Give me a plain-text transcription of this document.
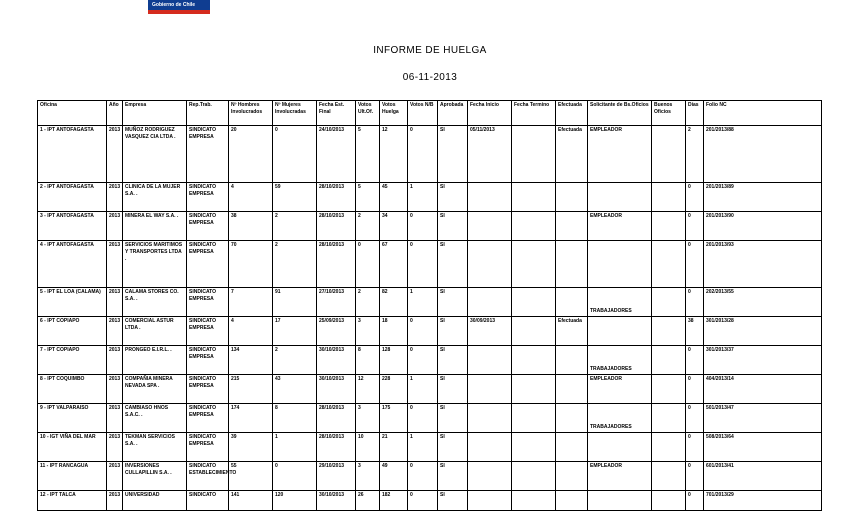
Gobierno de Chile
INFORME DE HUELGA
06-11-2013
Oficina	Año	Empresa	Rep.Trab.	Nº Hombres Involucrados	Nº Mujeres Involucradas	Fecha Est. Final	Votos Ult.Of.	Votos Huelga	Votos N/B	Aprobada	Fecha Inicio	Fecha Termino	Efectuada	Solicitante de Bs.Oficios	Buenos Oficios	Días	Folio NC
1 - IPT ANTOFAGASTA	2013	MUÑOZ RODRIGUEZ VASQUEZ CIA LTDA .	SINDICATO EMPRESA	20	0	24/10/2013	5	12	0	SI	05/11/2013		Efectuada	EMPLEADOR		2	201/2013/88
2 - IPT ANTOFAGASTA	2013	CLINICA DE LA MUJER S.A. .	SINDICATO EMPRESA	4	59	28/10/2013	5	45	1	SI						0	201/2013/89
3 - IPT ANTOFAGASTA	2013	MINERA EL WAY S.A. .	SINDICATO EMPRESA	38	2	28/10/2013	2	34	0	SI				EMPLEADOR		0	201/2013/90
4 - IPT ANTOFAGASTA	2013	SERVICIOS MARITIMOS Y TRANSPORTES LTDA .	SINDICATO EMPRESA	70	2	28/10/2013	0	67	0	SI						0	201/2013/93
5 - IPT EL LOA (CALAMA)	2013	CALAMA STORES CO. S.A. .	SINDICATO EMPRESA	7	91	27/10/2013	2	82	1	SI				TRABAJADORES		0	202/2013/55
6 - IPT COPIAPO	2013	COMERCIAL ASTUR LTDA .	SINDICATO EMPRESA	4	17	25/09/2013	3	18	0	SI	30/09/2013		Efectuada			38	301/2013/28
7 - IPT COPIAPO	2013	PRONGEO E.I.R.L. .	SINDICATO EMPRESA	134	2	30/10/2013	8	128	0	SI				TRABAJADORES		0	301/2013/37
8 - IPT COQUIMBO	2013	COMPAÑIA MINERA NEVADA SPA .	SINDICATO EMPRESA	215	43	30/10/2013	12	228	1	SI				EMPLEADOR		0	404/2013/14
9 - IPT VALPARAISO	2013	CAMBIASO HNOS S.A.C. .	SINDICATO EMPRESA	174	8	28/10/2013	3	175	0	SI				TRABAJADORES		0	501/2013/47
10 - IGT VIÑA DEL MAR	2013	TEKMAN SERVICIOS S.A. .	SINDICATO EMPRESA	39	1	28/10/2013	10	21	1	SI						0	508/2013/64
11 - IPT RANCAGUA	2013	INVERSIONES CULLAPILLIN S.A. .	SINDICATO ESTABLECIMIENTO	55	0	29/10/2013	3	49	0	SI				EMPLEADOR		0	601/2013/41
12 - IPT TALCA	2013	UNIVERSIDAD	SINDICATO	141	120	30/10/2013	26	182	0	SI						0	701/2013/29
